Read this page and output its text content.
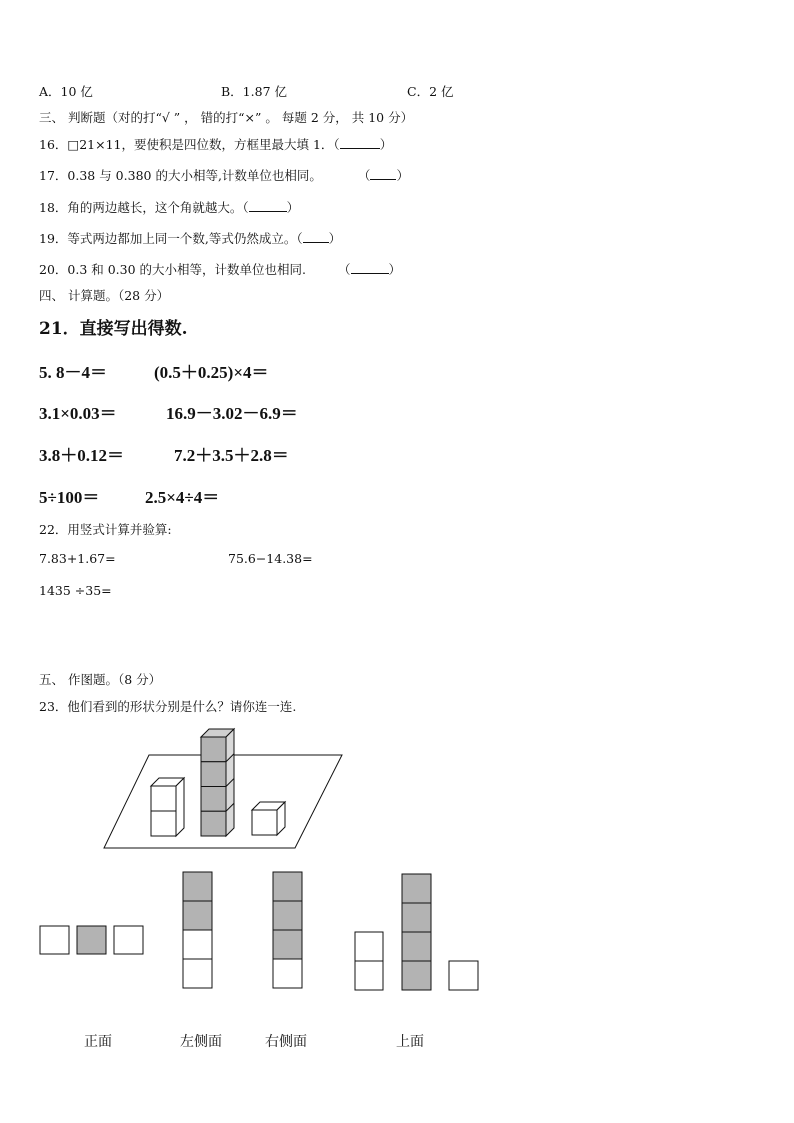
A．10 亿	B．1.87 亿	C．2 亿
三、 判断题（对的打“√ ” ， 错的打“×” 。 每题 2 分， 共 10 分）
16．□21×11，要使积是四位数，方框里最大填 1．（	）
17．0.38 与 0.380 的大小相等,计数单位也相同。	（ ）
18．角的两边越长，这个角就越大。（	）
19．等式两边都加上同一个数,等式仍然成立。（ ）
20．0.3 和 0.30 的大小相等，计数单位也相同.	（	）
四、 计算题。（28 分）
21．直接写出得数.
5. 8－4＝	(0.5＋0.25)×4＝
3.1×0.03＝	16.9－3.02－6.9＝
3.8＋0.12＝	7.2＋3.5＋2.8＝
5÷100＝	2.5×4÷4＝
22．用竖式计算并验算:
7.83+1.67=	75.6−14.38=
1435 ÷35=
五、 作图题。（8 分）
23．他们看到的形状分别是什么？请你连一连.
正面	左侧面	右侧面	上面
